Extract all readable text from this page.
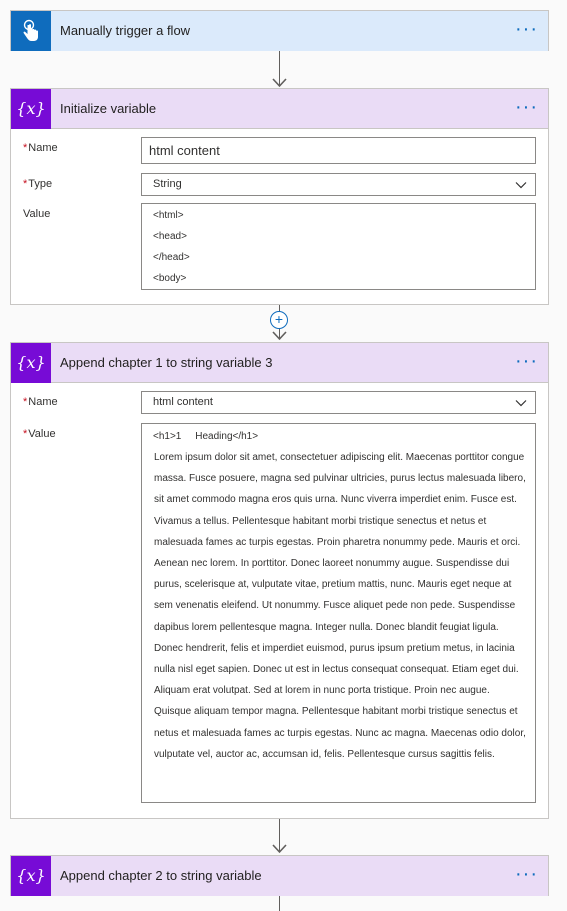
Manually trigger a flow	···
{x} Initialize variable	···
*Name	html content
*Type	String
Value	<html>
<head>
</head>
<body>
+
{x} Append chapter 1 to string variable 3	···
*Name	html content
*Value	<h1>1     Heading</h1>
Lorem ipsum dolor sit amet, consectetuer adipiscing elit. Maecenas porttitor congue massa. Fusce posuere, magna sed pulvinar ultricies, purus lectus malesuada libero, sit amet commodo magna eros quis urna. Nunc viverra imperdiet enim. Fusce est. Vivamus a tellus. Pellentesque habitant morbi tristique senectus et netus et malesuada fames ac turpis egestas. Proin pharetra nonummy pede. Mauris et orci. Aenean nec lorem. In porttitor. Donec laoreet nonummy augue. Suspendisse dui purus, scelerisque at, vulputate vitae, pretium mattis, nunc. Mauris eget neque at sem venenatis eleifend. Ut nonummy. Fusce aliquet pede non pede. Suspendisse dapibus lorem pellentesque magna. Integer nulla. Donec blandit feugiat ligula. Donec hendrerit, felis et imperdiet euismod, purus ipsum pretium metus, in lacinia nulla nisl eget sapien. Donec ut est in lectus consequat consequat. Etiam eget dui. Aliquam erat volutpat. Sed at lorem in nunc porta tristique. Proin nec augue. Quisque aliquam tempor magna. Pellentesque habitant morbi tristique senectus et netus et malesuada fames ac turpis egestas. Nunc ac magna. Maecenas odio dolor, vulputate vel, auctor ac, accumsan id, felis. Pellentesque cursus sagittis felis.
{x} Append chapter 2 to string variable	···
